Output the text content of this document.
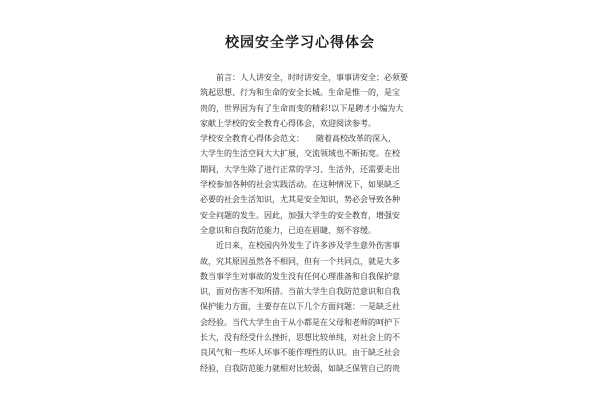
校园安全学习心得体会

前言：人人讲安全，时时讲安全，事事讲安全；必须要

筑起思想、行为和生命的安全长城。生命是惟一的，是宝

贵的，世界因为有了生命而变的精彩!以下是聘才小编为大

家献上学校的安全教育心得体会，欢迎阅读参考。

学校安全教育心得体会范文：　　随着高校改革的深入，

大学生的生活空间大大扩展，交流领域也不断拓宽。在校

期间，大学生除了进行正常的学习、生活外，还需要走出

学校参加各种的社会实践活动。在这种情况下，如果缺乏

必要的社会生活知识，尤其是安全知识，势必会导致各种

安全问题的发生。因此，加强大学生的安全教育，增强安

全意识和自我防范能力，已迫在眉睫、刻不容缓。

近日来，在校园内外发生了许多涉及学生意外伤害事

故，究其原因虽然各不相同，但有一个共同点，就是大多

数当事学生对事故的发生没有任何心理准备和自我保护意

识，面对伤害不知所措。当前大学生自我防范意识和自我

保护能力方面，主要存在以下几个方面问题：一是缺乏社

会经验。当代大学生由于从小都是在父母和老师的呵护下

长大，没有经受什么挫折，思想比较单纯，对社会上的不

良风气和一些坏人坏事不能作理性的认识。由于缺乏社会

经验，自我防范能力就相对比较弱，如缺乏保管自己的贵
